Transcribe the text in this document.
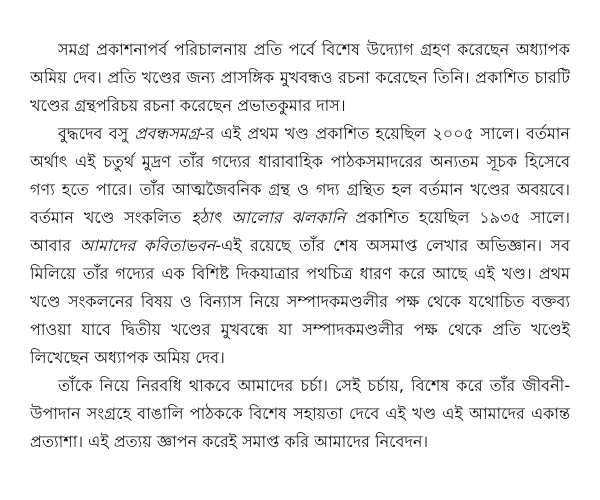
সমগ্র প্রকাশনাপর্ব পরিচালনায় প্রতি পর্বে বিশেষ উদ্যোগ গ্রহণ করেছেন অধ্যাপক অমিয় দেব। প্রতি খণ্ডের জন্য প্রাসঙ্গিক মুখবন্ধও রচনা করেছেন তিনি। প্রকাশিত চারটি খণ্ডের গ্রন্থপরিচয় রচনা করেছেন প্রভাতকুমার দাস।

বুদ্ধদেব বসু প্রবন্ধসমগ্র-র এই প্রথম খণ্ড প্রকাশিত হয়েছিল ২০০৫ সালে। বর্তমান অর্থাৎ এই চতুর্থ মুদ্রণ তাঁর গদ্যের ধারাবাহিক পাঠকসমাদরের অন্যতম সূচক হিসেবে গণ্য হতে পারে। তাঁর আত্মজৈবনিক গ্রন্থ ও গদ্য গ্রন্থিত হল বর্তমান খণ্ডের অবয়বে। বর্তমান খণ্ডে সংকলিত হঠাৎ আলোর ঝলকানি প্রকাশিত হয়েছিল ১৯৩৫ সালে। আবার আমাদের কবিতাভবন-এই রয়েছে তাঁর শেষ অসমাপ্ত লেখার অভিজ্ঞান। সব মিলিয়ে তাঁর গদ্যের এক বিশিষ্ট দিকযাত্রার পথচিত্র ধারণ করে আছে এই খণ্ড। প্রথম খণ্ডে সংকলনের বিষয় ও বিন্যাস নিয়ে সম্পাদকমণ্ডলীর পক্ষ থেকে যথোচিত বক্তব্য পাওয়া যাবে দ্বিতীয় খণ্ডের মুখবন্ধে যা সম্পাদকমণ্ডলীর পক্ষ থেকে প্রতি খণ্ডেই লিখেছেন অধ্যাপক অমিয় দেব।

তাঁকে নিয়ে নিরবধি থাকবে আমাদের চর্চা। সেই চর্চায়, বিশেষ করে তাঁর জীবনী-উপাদান সংগ্রহে বাঙালি পাঠককে বিশেষ সহায়তা দেবে এই খণ্ড এই আমাদের একান্ত প্রত্যাশা। এই প্রত্যয় জ্ঞাপন করেই সমাপ্ত করি আমাদের নিবেদন।
